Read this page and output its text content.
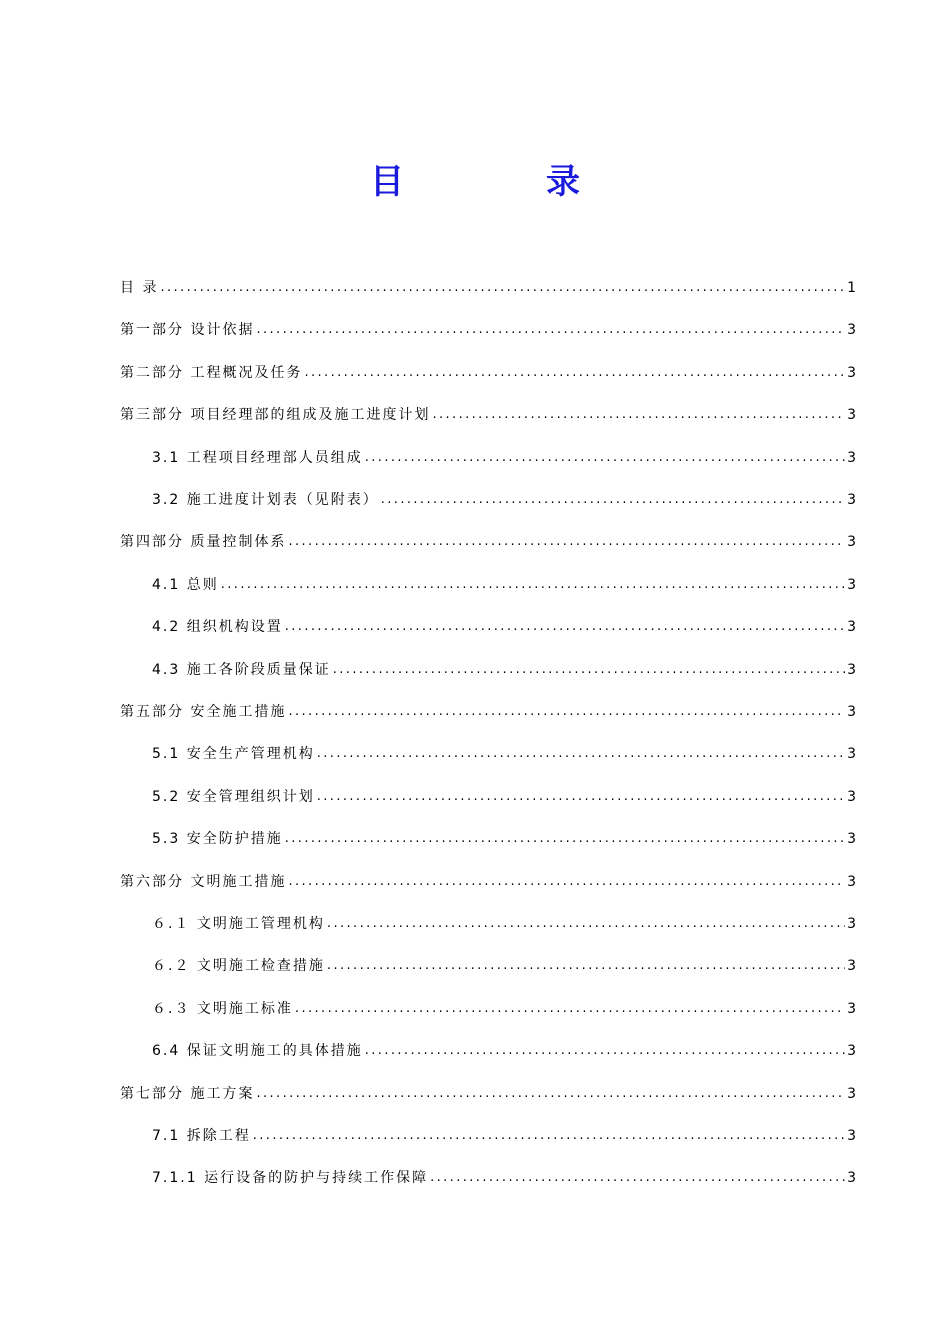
目　录
目 录 .....	1
第一部分 设计依据 .....	3
第二部分 工程概况及任务 .....	3
第三部分 项目经理部的组成及施工进度计划 .....	3
3.1 工程项目经理部人员组成 .....	3
3.2 施工进度计划表（见附表） .....	3
第四部分 质量控制体系 .....	3
4.1 总则 .....	3
4.2 组织机构设置 .....	3
4.3 施工各阶段质量保证 .....	3
第五部分 安全施工措施 .....	3
5.1 安全生产管理机构 .....	3
5.2 安全管理组织计划 .....	3
5.3 安全防护措施 .....	3
第六部分 文明施工措施 .....	3
６.１ 文明施工管理机构 .....	3
６.２ 文明施工检查措施 .....	3
６.３ 文明施工标准 .....	3
6.4 保证文明施工的具体措施 .....	3
第七部分 施工方案 .....	3
7.1 拆除工程 .....	3
7.1.1 运行设备的防护与持续工作保障 .....	3
